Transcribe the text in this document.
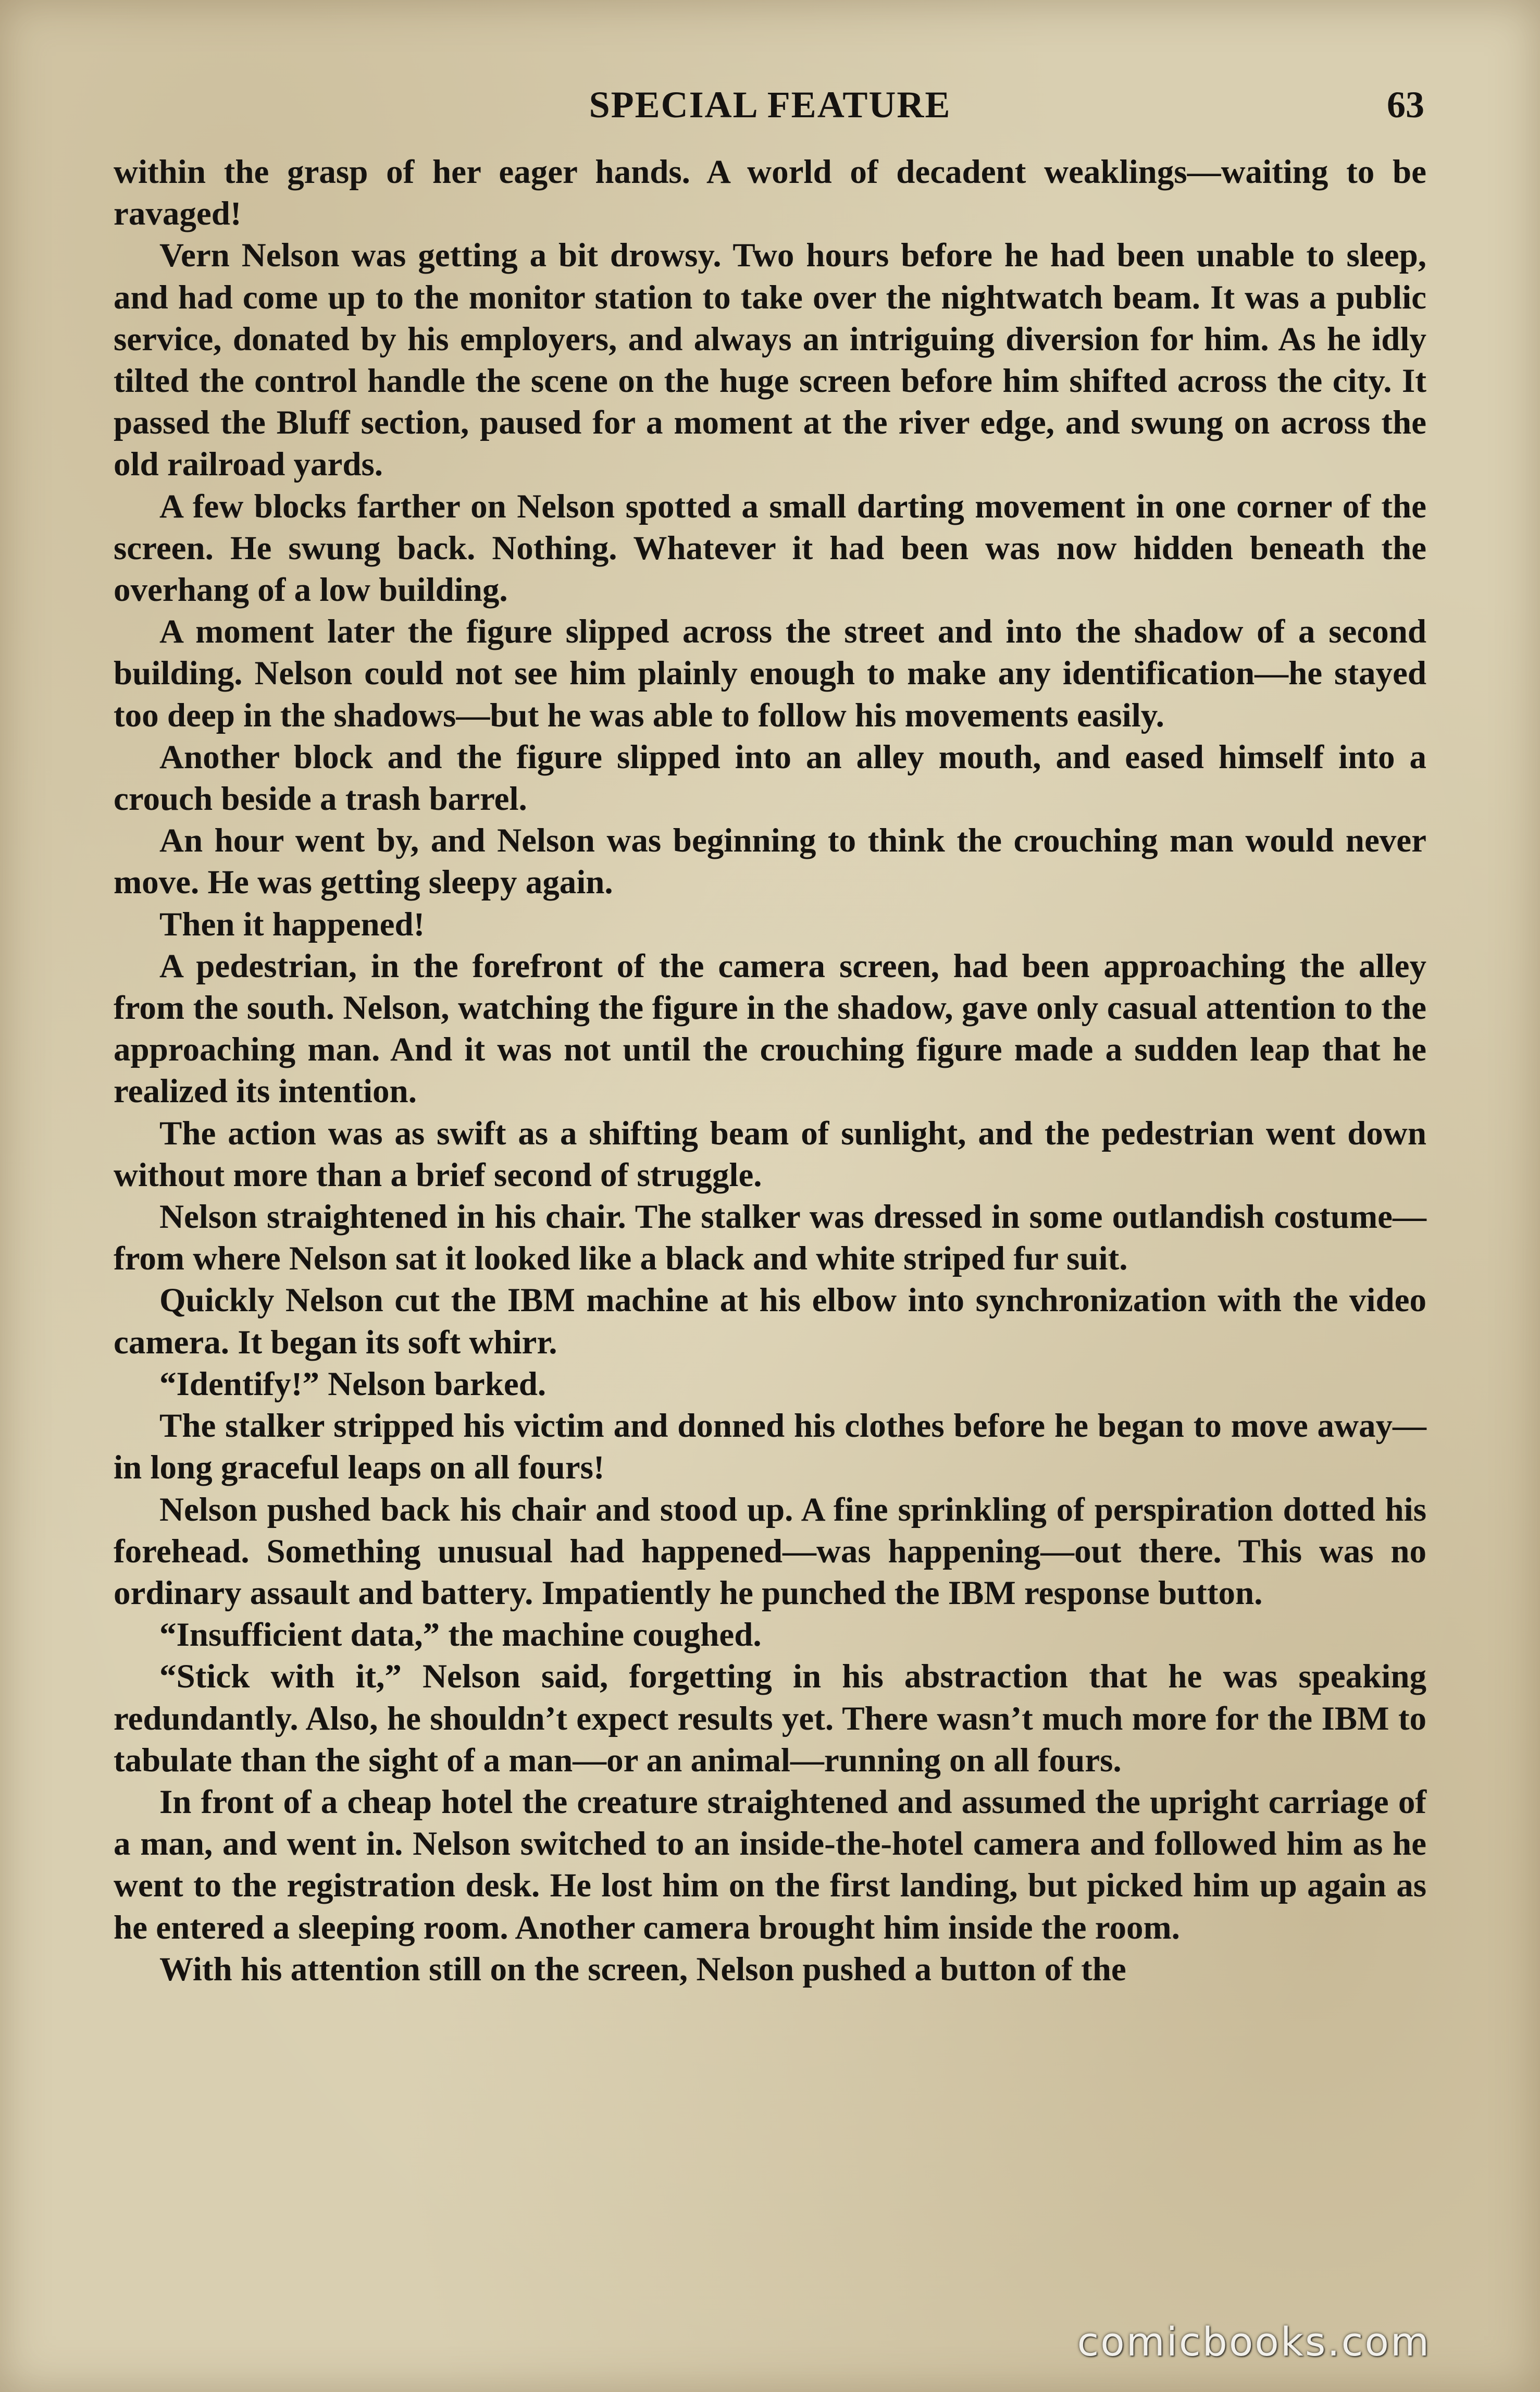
SPECIAL FEATURE	63

within the grasp of her eager hands. A world of decadent weaklings—waiting to be ravaged!

Vern Nelson was getting a bit drowsy. Two hours before he had been unable to sleep, and had come up to the monitor station to take over the nightwatch beam. It was a public service, donated by his employers, and always an intriguing diversion for him. As he idly tilted the control handle the scene on the huge screen before him shifted across the city. It passed the Bluff section, paused for a moment at the river edge, and swung on across the old railroad yards.

A few blocks farther on Nelson spotted a small darting movement in one corner of the screen. He swung back. Nothing. Whatever it had been was now hidden beneath the overhang of a low building.

A moment later the figure slipped across the street and into the shadow of a second building. Nelson could not see him plainly enough to make any identification—he stayed too deep in the shadows—but he was able to follow his movements easily.

Another block and the figure slipped into an alley mouth, and eased himself into a crouch beside a trash barrel.

An hour went by, and Nelson was beginning to think the crouching man would never move. He was getting sleepy again.

Then it happened!

A pedestrian, in the forefront of the camera screen, had been approaching the alley from the south. Nelson, watching the figure in the shadow, gave only casual attention to the approaching man. And it was not until the crouching figure made a sudden leap that he realized its intention.

The action was as swift as a shifting beam of sunlight, and the pedestrian went down without more than a brief second of struggle.

Nelson straightened in his chair. The stalker was dressed in some outlandish costume—from where Nelson sat it looked like a black and white striped fur suit.

Quickly Nelson cut the IBM machine at his elbow into synchronization with the video camera. It began its soft whirr.

“Identify!” Nelson barked.

The stalker stripped his victim and donned his clothes before he began to move away—in long graceful leaps on all fours!

Nelson pushed back his chair and stood up. A fine sprinkling of perspiration dotted his forehead. Something unusual had happened—was happening—out there. This was no ordinary assault and battery. Impatiently he punched the IBM response button.

“Insufficient data,” the machine coughed.

“Stick with it,” Nelson said, forgetting in his abstraction that he was speaking redundantly. Also, he shouldn’t expect results yet. There wasn’t much more for the IBM to tabulate than the sight of a man—or an animal—running on all fours.

In front of a cheap hotel the creature straightened and assumed the upright carriage of a man, and went in. Nelson switched to an inside-the-hotel camera and followed him as he went to the registration desk. He lost him on the first landing, but picked him up again as he entered a sleeping room. Another camera brought him inside the room.

With his attention still on the screen, Nelson pushed a button of the

comicbooks.com
